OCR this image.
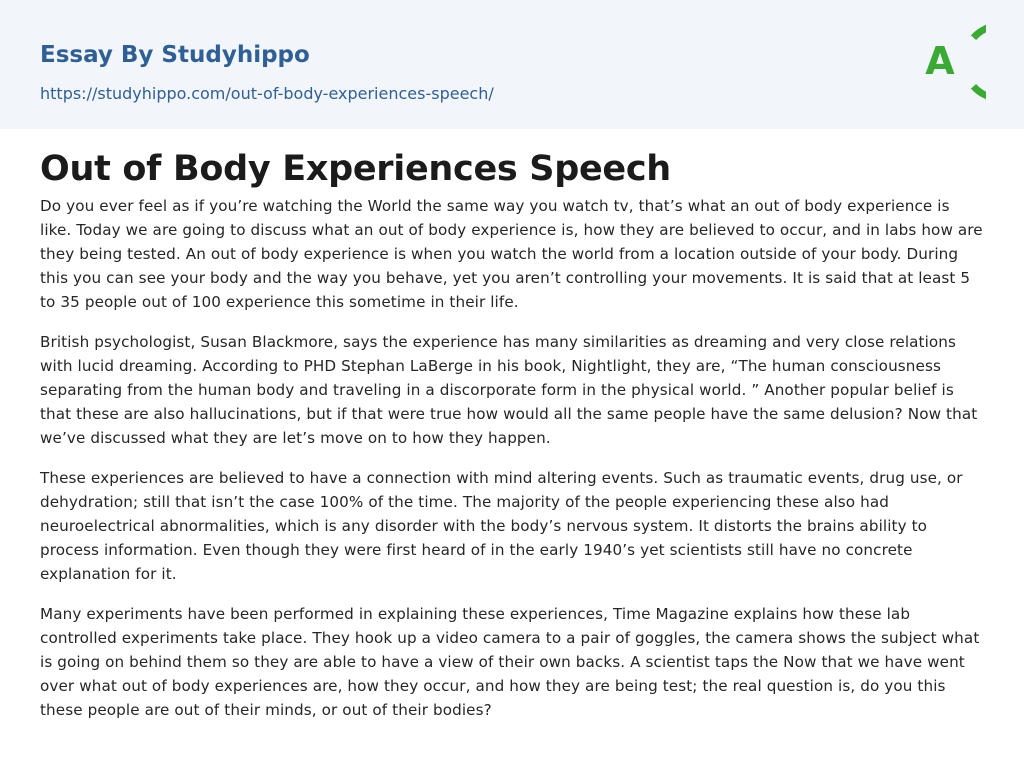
Essay By Studyhippo
https://studyhippo.com/out-of-body-experiences-speech/
A
Out of Body Experiences Speech

Do you ever feel as if you’re watching the World the same way you watch tv, that’s what an out of body experience is like. Today we are going to discuss what an out of body experience is, how they are believed to occur, and in labs how are they being tested. An out of body experience is when you watch the world from a location outside of your body. During this you can see your body and the way you behave, yet you aren’t controlling your movements. It is said that at least 5 to 35 people out of 100 experience this sometime in their life.

British psychologist, Susan Blackmore, says the experience has many similarities as dreaming and very close relations with lucid dreaming. According to PHD Stephan LaBerge in his book, Nightlight, they are, “The human consciousness separating from the human body and traveling in a discorporate form in the physical world. ” Another popular belief is that these are also hallucinations, but if that were true how would all the same people have the same delusion? Now that we’ve discussed what they are let’s move on to how they happen.

These experiences are believed to have a connection with mind altering events. Such as traumatic events, drug use, or dehydration; still that isn’t the case 100% of the time. The majority of the people experiencing these also had neuroelectrical abnormalities, which is any disorder with the body’s nervous system. It distorts the brains ability to process information. Even though they were first heard of in the early 1940’s yet scientists still have no concrete explanation for it.

Many experiments have been performed in explaining these experiences, Time Magazine explains how these lab controlled experiments take place. They hook up a video camera to a pair of goggles, the camera shows the subject what is going on behind them so they are able to have a view of their own backs. A scientist taps the Now that we have went over what out of body experiences are, how they occur, and how they are being test; the real question is, do you this these people are out of their minds, or out of their bodies?
